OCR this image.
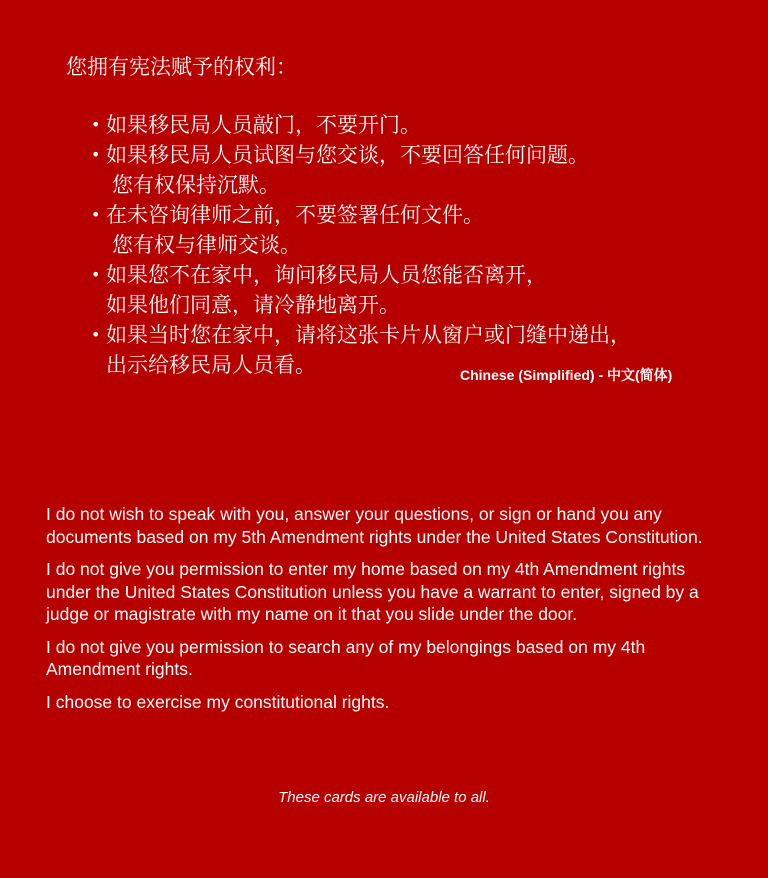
您拥有宪法赋予的权利：
• 如果移民局人员敲门，不要开门。
• 如果移民局人员试图与您交谈，不要回答任何问题。
您有权保持沉默。
• 在未咨询律师之前，不要签署任何文件。
您有权与律师交谈。
• 如果您不在家中，询问移民局人员您能否离开，
如果他们同意，请冷静地离开。
• 如果当时您在家中，请将这张卡片从窗户或门缝中递出，
出示给移民局人员看。	Chinese (Simplified) - 中文(简体)

I do not wish to speak with you, answer your questions, or sign or hand you any documents based on my 5th Amendment rights under the United States Constitution.

I do not give you permission to enter my home based on my 4th Amendment rights under the United States Constitution unless you have a warrant to enter, signed by a judge or magistrate with my name on it that you slide under the door.

I do not give you permission to search any of my belongings based on my 4th Amendment rights.

I choose to exercise my constitutional rights.

These cards are available to all.
